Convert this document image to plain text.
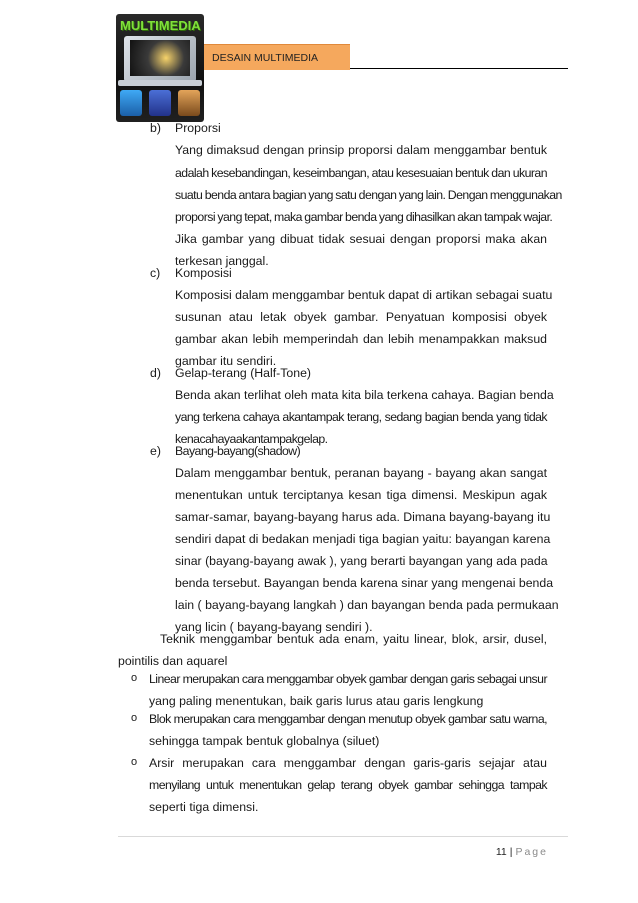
MULTIMEDIA
DESAIN MULTIMEDIA
b) Proporsi
Yang dimaksud dengan prinsip proporsi dalam menggambar bentuk
adalah kesebandingan, keseimbangan, atau kesesuaian bentuk dan ukuran
suatu benda antara bagian yang satu dengan yang lain. Dengan menggunakan
proporsi yang tepat, maka gambar benda yang dihasilkan akan tampak wajar.
Jika gambar yang dibuat tidak sesuai dengan proporsi maka akan
terkesan janggal.
c) Komposisi
Komposisi dalam menggambar bentuk dapat di artikan sebagai suatu
susunan atau letak obyek gambar. Penyatuan komposisi obyek
gambar akan lebih memperindah dan lebih menampakkan maksud
gambar itu sendiri.
d) Gelap-terang (Half-Tone)
Benda akan terlihat oleh mata kita bila terkena cahaya. Bagian benda
yang terkena cahaya akantampak terang, sedang bagian benda yang tidak
kenacahayaakantampakgelap.
e) Bayang-bayang(shadow)
Dalam menggambar bentuk, peranan bayang - bayang akan sangat
menentukan untuk terciptanya kesan tiga dimensi. Meskipun agak
samar-samar, bayang-bayang harus ada. Dimana bayang-bayang itu
sendiri dapat di bedakan menjadi tiga bagian yaitu: bayangan karena
sinar (bayang-bayang awak ), yang berarti bayangan yang ada pada
benda tersebut. Bayangan benda karena sinar yang mengenai benda
lain ( bayang-bayang langkah ) dan bayangan benda pada permukaan
yang licin ( bayang-bayang sendiri ).
Teknik menggambar bentuk ada enam, yaitu linear, blok, arsir, dusel,
pointilis dan aquarel
o Linear merupakan cara menggambar obyek gambar dengan garis sebagai unsur
yang paling menentukan, baik garis lurus atau garis lengkung
o Blok merupakan cara menggambar dengan menutup obyek gambar satu warna,
sehingga tampak bentuk globalnya (siluet)
o Arsir merupakan cara menggambar dengan garis-garis sejajar atau
menyilang untuk menentukan gelap terang obyek gambar sehingga tampak
seperti tiga dimensi.
11 | Page
